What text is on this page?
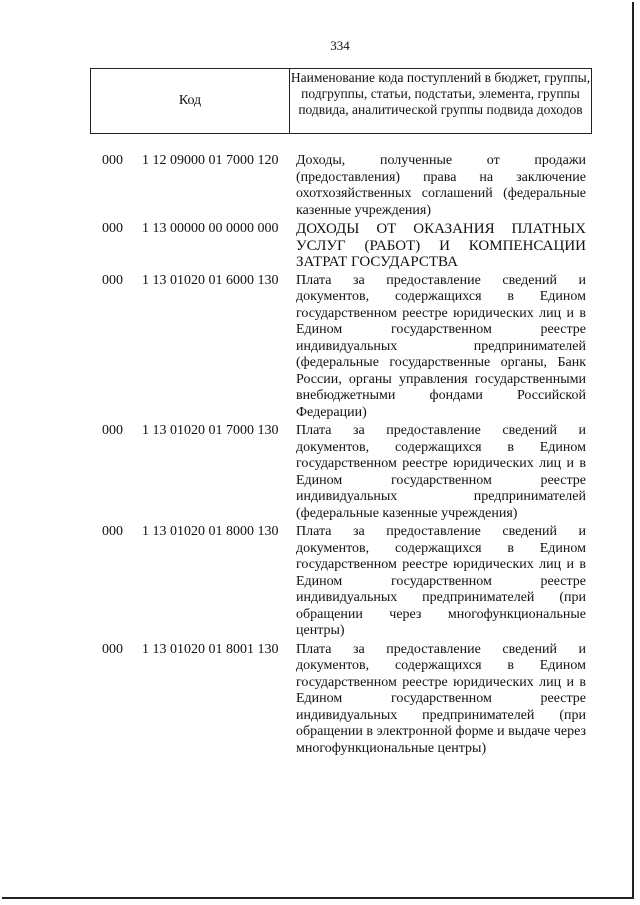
334
Код
Наименование кода поступлений в бюджет, группы, подгруппы, статьи, подстатьи, элемента, группы подвида, аналитической группы подвида доходов
000	1 12 09000 01 7000 120	Доходы, полученные от продажи (предоставления) права на заключение охотхозяйственных соглашений (федеральные казенные учреждения)
000	1 13 00000 00 0000 000	ДОХОДЫ ОТ ОКАЗАНИЯ ПЛАТНЫХ УСЛУГ (РАБОТ) И КОМПЕНСАЦИИ ЗАТРАТ ГОСУДАРСТВА
000	1 13 01020 01 6000 130	Плата за предоставление сведений и документов, содержащихся в Едином государственном реестре юридических лиц и в Едином государственном реестре индивидуальных предпринимателей (федеральные государственные органы, Банк России, органы управления государственными внебюджетными фондами Российской Федерации)
000	1 13 01020 01 7000 130	Плата за предоставление сведений и документов, содержащихся в Едином государственном реестре юридических лиц и в Едином государственном реестре индивидуальных предпринимателей (федеральные казенные учреждения)
000	1 13 01020 01 8000 130	Плата за предоставление сведений и документов, содержащихся в Едином государственном реестре юридических лиц и в Едином государственном реестре индивидуальных предпринимателей (при обращении через многофункциональные центры)
000	1 13 01020 01 8001 130	Плата за предоставление сведений и документов, содержащихся в Едином государственном реестре юридических лиц и в Едином государственном реестре индивидуальных предпринимателей (при обращении в электронной форме и выдаче через многофункциональные центры)
